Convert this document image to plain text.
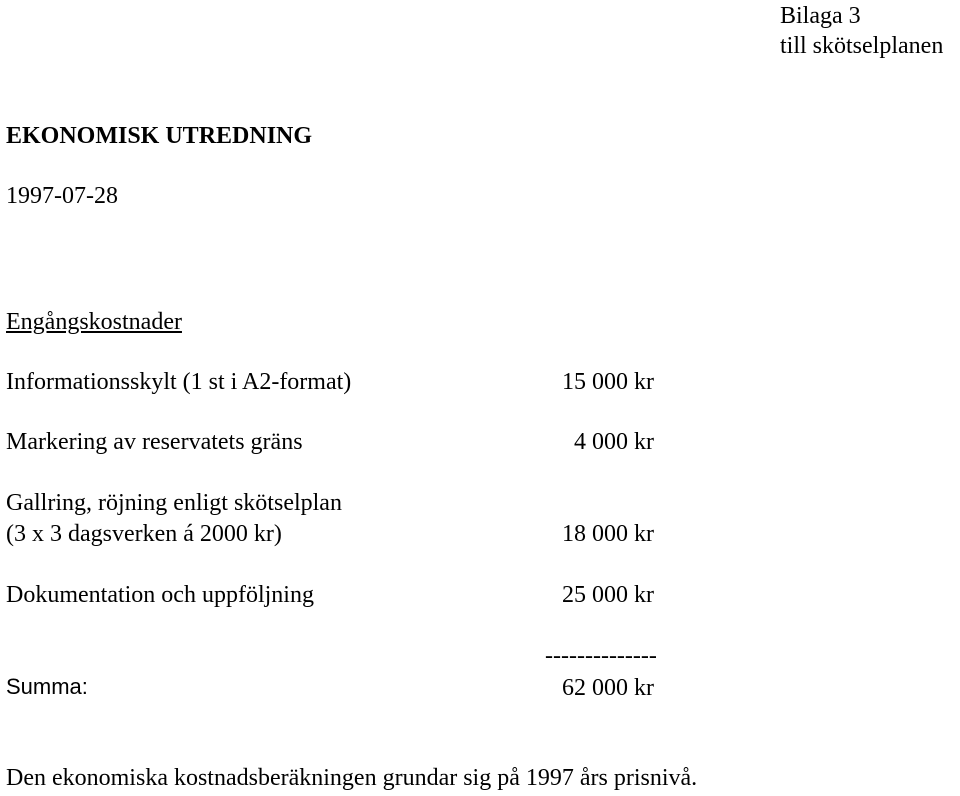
Bilaga 3
till skötselplanen
EKONOMISK UTREDNING
1997-07-28
Engångskostnader
Informationsskylt (1 st i A2-format)	15 000 kr
Markering av reservatets gräns	4 000 kr
Gallring, röjning enligt skötselplan
(3 x 3 dagsverken á 2000 kr)	18 000 kr
Dokumentation och uppföljning	25 000 kr
--------------
Summa:	62 000 kr
Den ekonomiska kostnadsberäkningen grundar sig på 1997 års prisnivå.
